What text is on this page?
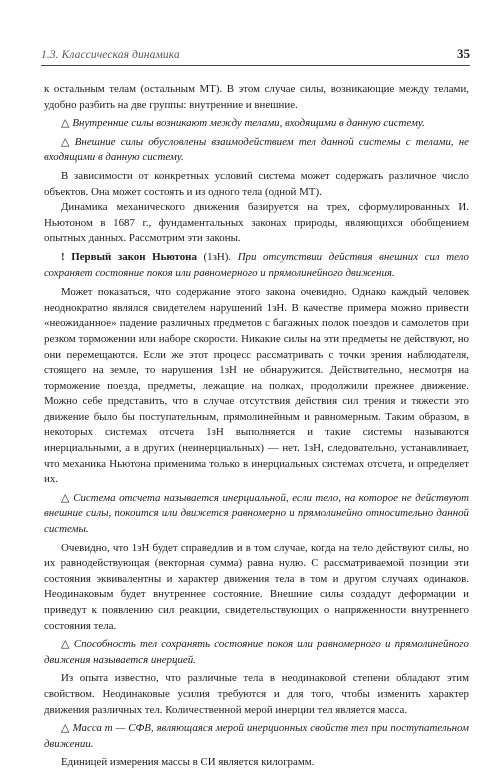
1.3. Классическая динамика	35

к остальным телам (остальным МТ). В этом случае силы, возникающие между телами, удобно разбить на две группы: внутренние и внешние.

△ Внутренние силы возникают между телами, входящими в данную систему.

△ Внешние силы обусловлены взаимодействием тел данной системы с телами, не входящими в данную систему.

В зависимости от конкретных условий система может содержать различное число объектов. Она может состоять и из одного тела (одной МТ).

Динамика механического движения базируется на трех, сформулированных И. Ньютоном в 1687 г., фундаментальных законах природы, являющихся обобщением опытных данных. Рассмотрим эти законы.

! Первый закон Ньютона (1зН). При отсутствии действия внешних сил тело сохраняет состояние покоя или равномерного и прямолинейного движения.

Может показаться, что содержание этого закона очевидно. Однако каждый человек неоднократно являлся свидетелем нарушений 1зН. В качестве примера можно привести «неожиданное» падение различных предметов с багажных полок поездов и самолетов при резком торможении или наборе скорости. Никакие силы на эти предметы не действуют, но они перемещаются. Если же этот процесс рассматривать с точки зрения наблюдателя, стоящего на земле, то нарушения 1зН не обнаружится. Действительно, несмотря на торможение поезда, предметы, лежащие на полках, продолжили прежнее движение. Можно себе представить, что в случае отсутствия действия сил трения и тяжести это движение было бы поступательным, прямолинейным и равномерным. Таким образом, в некоторых системах отсчета 1зН выполняется и такие системы называются инерциальными, а в других (неинерциальных) — нет. 1зН, следовательно, устанавливает, что механика Ньютона применима только в инерциальных системах отсчета, и определяет их.

△ Система отсчета называется инерциальной, если тело, на которое не действуют внешние силы, покоится или движется равномерно и прямолинейно относительно данной системы.

Очевидно, что 1зН будет справедлив и в том случае, когда на тело действуют силы, но их равнодействующая (векторная сумма) равна нулю. С рассматриваемой позиции эти состояния эквивалентны и характер движения тела в том и другом случаях одинаков. Неодинаковым будет внутреннее состояние. Внешние силы создадут деформации и приведут к появлению сил реакции, свидетельствующих о напряженности внутреннего состояния тела.

△ Способность тел сохранять состояние покоя или равномерного и прямолинейного движения называется инерцией.

Из опыта известно, что различные тела в неодинаковой степени обладают этим свойством. Неодинаковые усилия требуются и для того, чтобы изменить характер движения различных тел. Количественной мерой инерции тел является масса.

△ Масса m — СФВ, являющаяся мерой инерционных свойств тел при поступательном движении.

Единицей измерения массы в СИ является килограмм.
